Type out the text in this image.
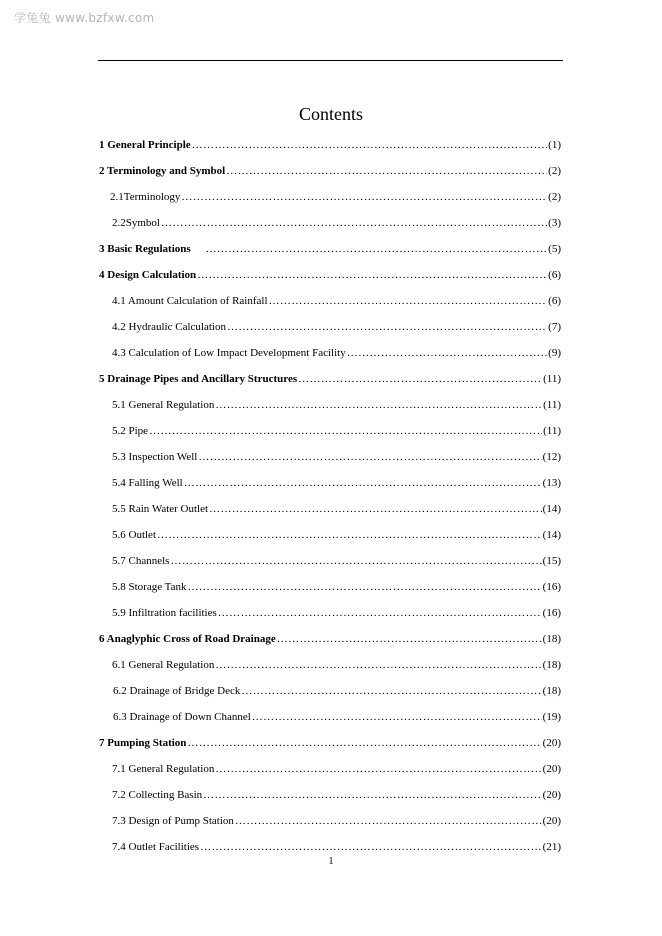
学兔兔 www.bzfxw.com
Contents
1 General Principle ………………………………………………………………………………………………………………………………………………………………………………………………………	(1)
2 Terminology and Symbol ………………………………………………………………………………………………………………………………………………………………………………………………………	(2)
2.1Terminology ………………………………………………………………………………………………………………………………………………………………………………………………………	(2)
2.2Symbol ………………………………………………………………………………………………………………………………………………………………………………………………………	(3)
3 Basic Regulations ………………………………………………………………………………………………………………………………………………………………………………………………………	(5)
4 Design Calculation ………………………………………………………………………………………………………………………………………………………………………………………………………	(6)
4.1 Amount Calculation of Rainfall ………………………………………………………………………………………………………………………………………………………………………………………………………	(6)
4.2 Hydraulic Calculation ………………………………………………………………………………………………………………………………………………………………………………………………………	(7)
4.3 Calculation of Low Impact Development Facility ………………………………………………………………………………………………………………………………………………………………………………………………………	(9)
5 Drainage Pipes and Ancillary Structures ………………………………………………………………………………………………………………………………………………………………………………………………………	(11)
5.1 General Regulation ………………………………………………………………………………………………………………………………………………………………………………………………………	(11)
5.2 Pipe ………………………………………………………………………………………………………………………………………………………………………………………………………	(11)
5.3 Inspection Well ………………………………………………………………………………………………………………………………………………………………………………………………………	(12)
5.4 Falling Well ………………………………………………………………………………………………………………………………………………………………………………………………………	(13)
5.5 Rain Water Outlet ………………………………………………………………………………………………………………………………………………………………………………………………………	(14)
5.6 Outlet ………………………………………………………………………………………………………………………………………………………………………………………………………	(14)
5.7 Channels ………………………………………………………………………………………………………………………………………………………………………………………………………	(15)
5.8 Storage Tank ………………………………………………………………………………………………………………………………………………………………………………………………………	(16)
5.9 Infiltration facilities ………………………………………………………………………………………………………………………………………………………………………………………………………	(16)
6 Anaglyphic Cross of Road Drainage ………………………………………………………………………………………………………………………………………………………………………………………………………	(18)
6.1 General Regulation ………………………………………………………………………………………………………………………………………………………………………………………………………	(18)
6.2 Drainage of Bridge Deck ………………………………………………………………………………………………………………………………………………………………………………………………………	(18)
6.3 Drainage of Down Channel ………………………………………………………………………………………………………………………………………………………………………………………………………	(19)
7 Pumping Station ………………………………………………………………………………………………………………………………………………………………………………………………………	(20)
7.1 General Regulation ………………………………………………………………………………………………………………………………………………………………………………………………………	(20)
7.2 Collecting Basin ………………………………………………………………………………………………………………………………………………………………………………………………………	(20)
7.3 Design of Pump Station ………………………………………………………………………………………………………………………………………………………………………………………………………	(20)
7.4 Outlet Facilities ………………………………………………………………………………………………………………………………………………………………………………………………………	(21)
1
